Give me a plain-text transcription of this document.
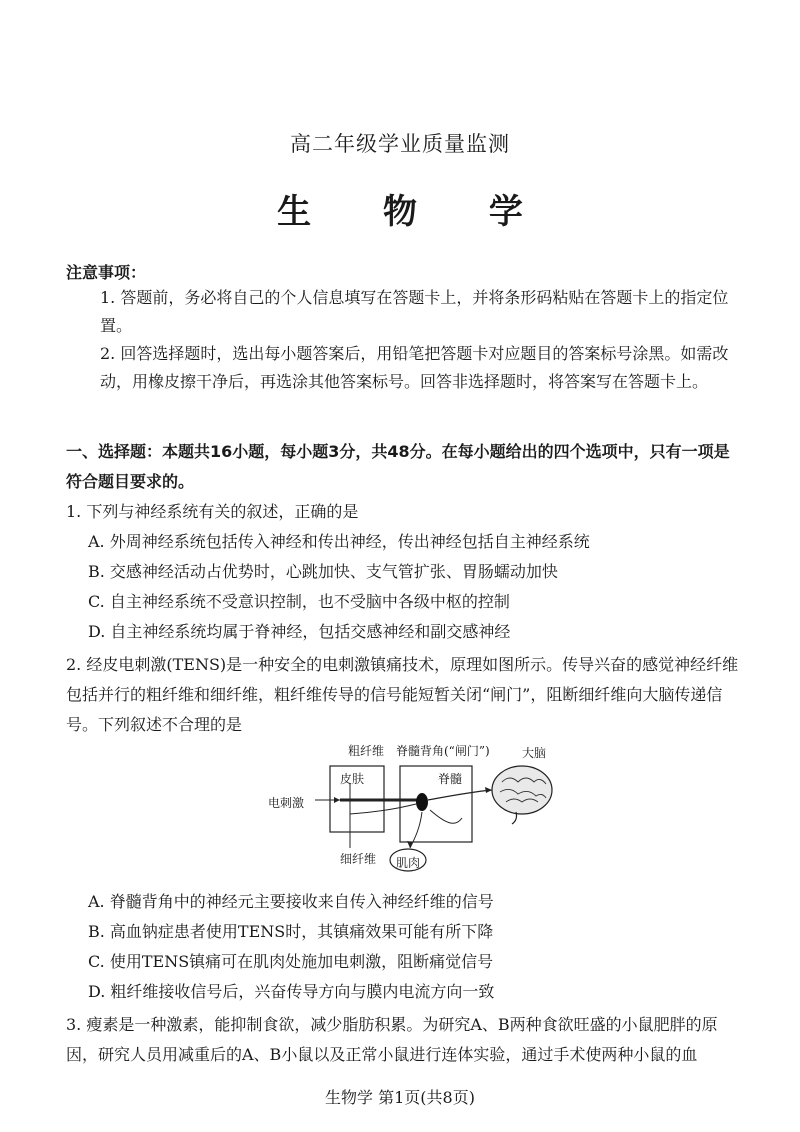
高二年级学业质量监测
生 物 学
注意事项：
1. 答题前，务必将自己的个人信息填写在答题卡上，并将条形码粘贴在答题卡上的指定位置。
2. 回答选择题时，选出每小题答案后，用铅笔把答题卡对应题目的答案标号涂黑。如需改动，用橡皮擦干净后，再选涂其他答案标号。回答非选择题时，将答案写在答题卡上。
一、选择题：本题共16小题，每小题3分，共48分。在每小题给出的四个选项中，只有一项是符合题目要求的。
1. 下列与神经系统有关的叙述，正确的是
A. 外周神经系统包括传入神经和传出神经，传出神经包括自主神经系统
B. 交感神经活动占优势时，心跳加快、支气管扩张、胃肠蠕动加快
C. 自主神经系统不受意识控制，也不受脑中各级中枢的控制
D. 自主神经系统均属于脊神经，包括交感神经和副交感神经
2. 经皮电刺激(TENS)是一种安全的电刺激镇痛技术，原理如图所示。传导兴奋的感觉神经纤维包括并行的粗纤维和细纤维，粗纤维传导的信号能短暂关闭“闸门”，阻断细纤维向大脑传递信号。下列叙述不合理的是
粗纤维 脊髓背角(“闸门”)
皮肤	脊髓
大脑
电刺激
细纤维 肌肉
A. 脊髓背角中的神经元主要接收来自传入神经纤维的信号
B. 高血钠症患者使用TENS时，其镇痛效果可能有所下降
C. 使用TENS镇痛可在肌肉处施加电刺激，阻断痛觉信号
D. 粗纤维接收信号后，兴奋传导方向与膜内电流方向一致
3. 瘦素是一种激素，能抑制食欲，减少脂肪积累。为研究A、B两种食欲旺盛的小鼠肥胖的原因，研究人员用减重后的A、B小鼠以及正常小鼠进行连体实验，通过手术使两种小鼠的血
生物学 第1页(共8页)
